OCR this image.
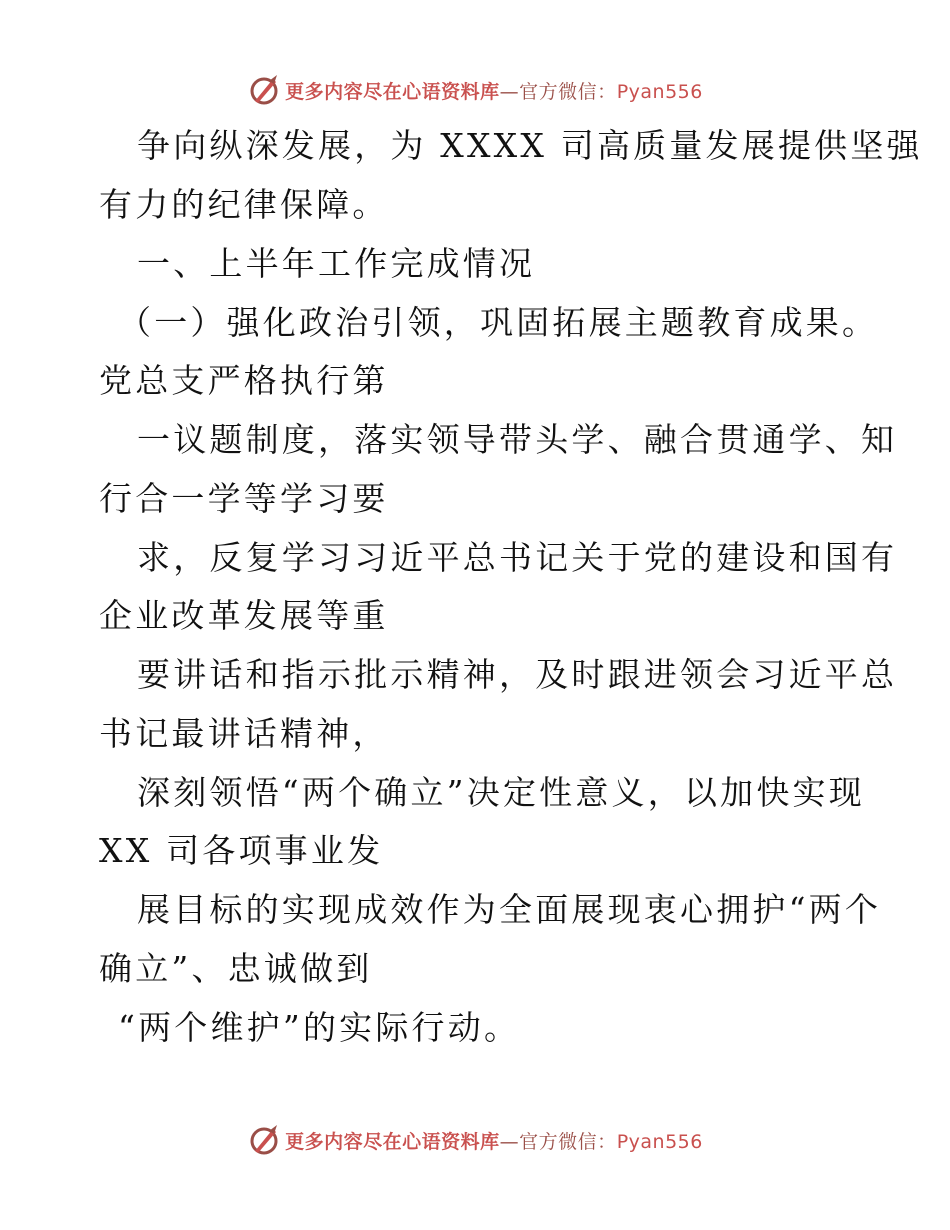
更多内容尽在心语资料库—官方微信：Pyan556
争向纵深发展，为 XXXX 司高质量发展提供坚强
有力的纪律保障。
一、上半年工作完成情况
（一）强化政治引领，巩固拓展主题教育成果。
党总支严格执行第
一议题制度，落实领导带头学、融合贯通学、知
行合一学等学习要
求，反复学习习近平总书记关于党的建设和国有
企业改革发展等重
要讲话和指示批示精神，及时跟进领会习近平总
书记最讲话精神，
深刻领悟“两个确立”决定性意义，以加快实现
XX 司各项事业发
展目标的实现成效作为全面展现衷心拥护“两个
确立”、忠诚做到
“两个维护”的实际行动。
更多内容尽在心语资料库—官方微信：Pyan556
